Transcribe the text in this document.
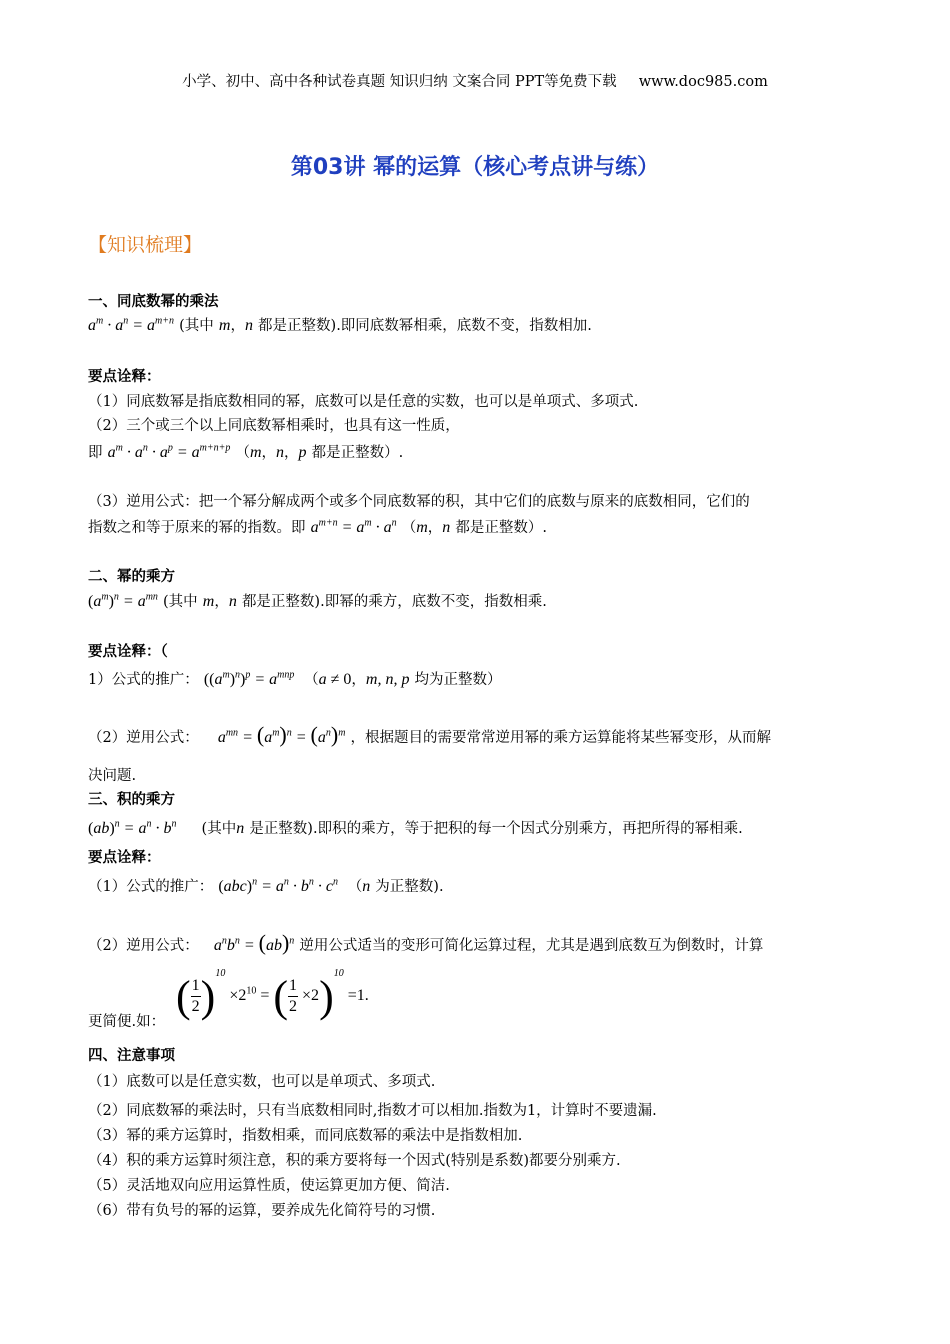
小学、初中、高中各种试卷真题 知识归纳 文案合同 PPT等免费下载 www.doc985.com
第03讲 幂的运算（核心考点讲与练）
【知识梳理】
一、同底数幂的乘法
$a^m \cdot a^n = a^{m+n}$ (其中 m，n 都是正整数).即同底数幂相乘，底数不变，指数相加.
要点诠释：
（1）同底数幂是指底数相同的幂，底数可以是任意的实数，也可以是单项式、多项式.
（2）三个或三个以上同底数幂相乘时，也具有这一性质，
即 $a^m \cdot a^n \cdot a^p = a^{m+n+p}$ （m，n，p 都是正整数）.
（3）逆用公式：把一个幂分解成两个或多个同底数幂的积，其中它们的底数与原来的底数相同，它们的
指数之和等于原来的幂的指数。即 $a^{m+n} = a^m \cdot a^n$ （m，n 都是正整数）.
二、幂的乘方
$(a^m)^n = a^{mn}$ (其中 m，n 都是正整数).即幂的乘方，底数不变，指数相乘.
要点诠释：（
1）公式的推广： $((a^m)^n)^p = a^{mnp}$  （a ≠ 0，m, n, p 均为正整数）
（2）逆用公式： $a^{mn} = (a^m)^n = (a^n)^m$ ，根据题目的需要常常逆用幂的乘方运算能将某些幂变形，从而解
决问题.
三、积的乘方
$(ab)^n = a^n \cdot b^n$ (其中n 是正整数).即积的乘方，等于把积的每一个因式分别乘方，再把所得的幂相乘.
要点诠释：
（1）公式的推广： $(abc)^n = a^n \cdot b^n \cdot c^n$  （n 为正整数).
（2）逆用公式： $a^nb^n = (ab)^n$ 逆用公式适当的变形可简化运算过程，尤其是遇到底数互为倒数时，计算
更简便.如：
( $\frac{1}{2} )^{10} \times 2^{10}$ = ( $\frac{1}{2} \times 2)^{10} =1$.
四、注意事项
（1）底数可以是任意实数，也可以是单项式、多项式.
（2）同底数幂的乘法时，只有当底数相同时,指数才可以相加.指数为1，计算时不要遗漏.
（3）幂的乘方运算时，指数相乘，而同底数幂的乘法中是指数相加.
（4）积的乘方运算时须注意，积的乘方要将每一个因式(特别是系数)都要分别乘方.
（5）灵活地双向应用运算性质，使运算更加方便、简洁.
（6）带有负号的幂的运算，要养成先化简符号的习惯.
